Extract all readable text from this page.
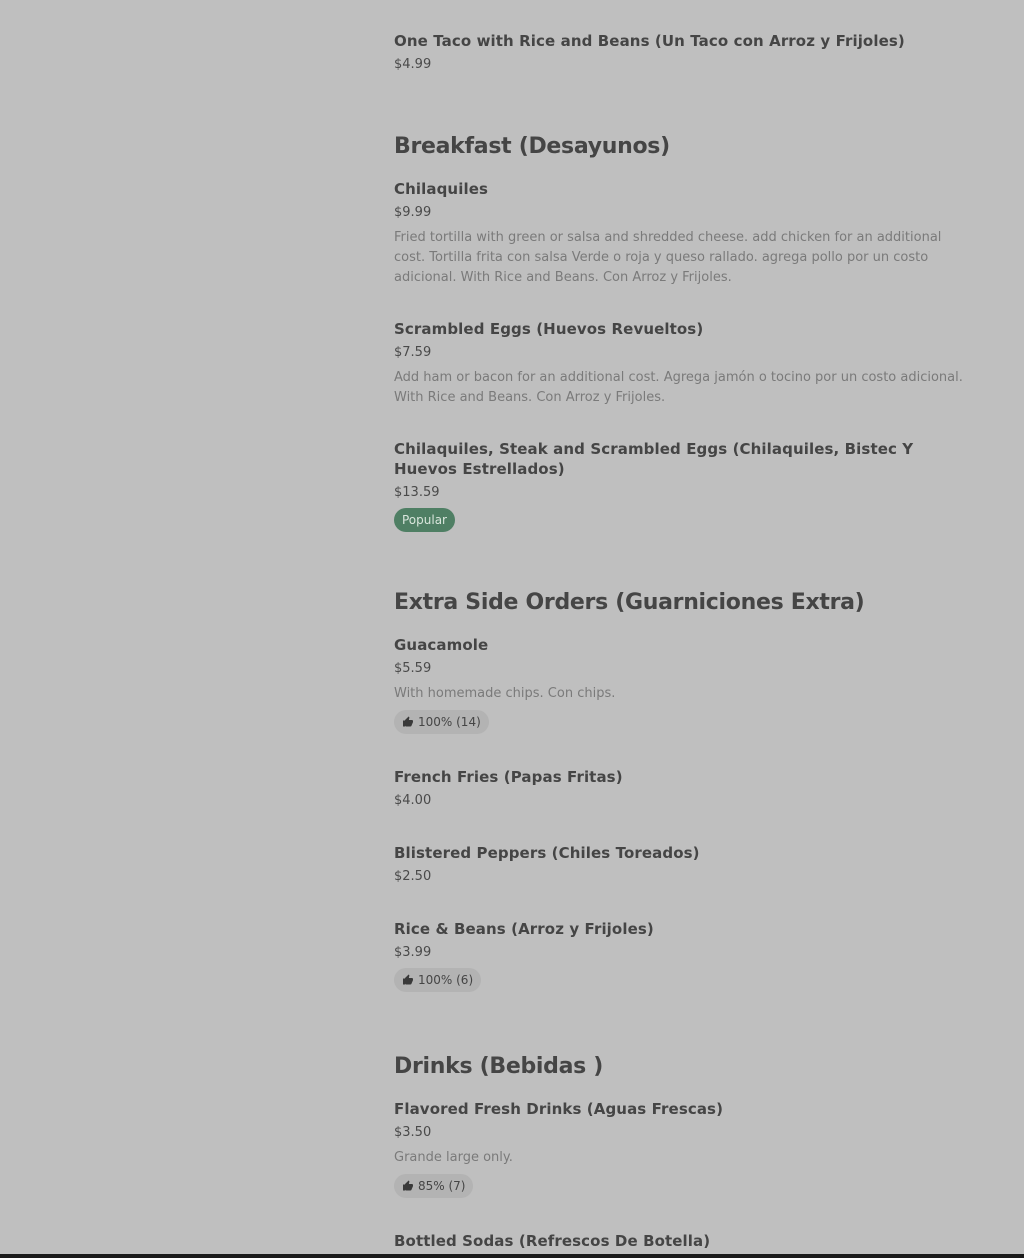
One Taco with Rice and Beans (Un Taco con Arroz y Frijoles)
$4.99
Breakfast (Desayunos)
Chilaquiles
$9.99
Fried tortilla with green or salsa and shredded cheese. add chicken for an additional cost. Tortilla frita con salsa Verde o roja y queso rallado. agrega pollo por un costo adicional. With Rice and Beans. Con Arroz y Frijoles.
Scrambled Eggs (Huevos Revueltos)
$7.59
Add ham or bacon for an additional cost. Agrega jamón o tocino por un costo adicional. With Rice and Beans. Con Arroz y Frijoles.
Chilaquiles, Steak and Scrambled Eggs (Chilaquiles, Bistec Y Huevos Estrellados)
$13.59
Popular
Extra Side Orders (Guarniciones Extra)
Guacamole
$5.59
With homemade chips. Con chips.
100% (14)
French Fries (Papas Fritas)
$4.00
Blistered Peppers (Chiles Toreados)
$2.50
Rice & Beans (Arroz y Frijoles)
$3.99
100% (6)
Drinks (Bebidas )
Flavored Fresh Drinks (Aguas Frescas)
$3.50
Grande large only.
85% (7)
Bottled Sodas (Refrescos De Botella)
